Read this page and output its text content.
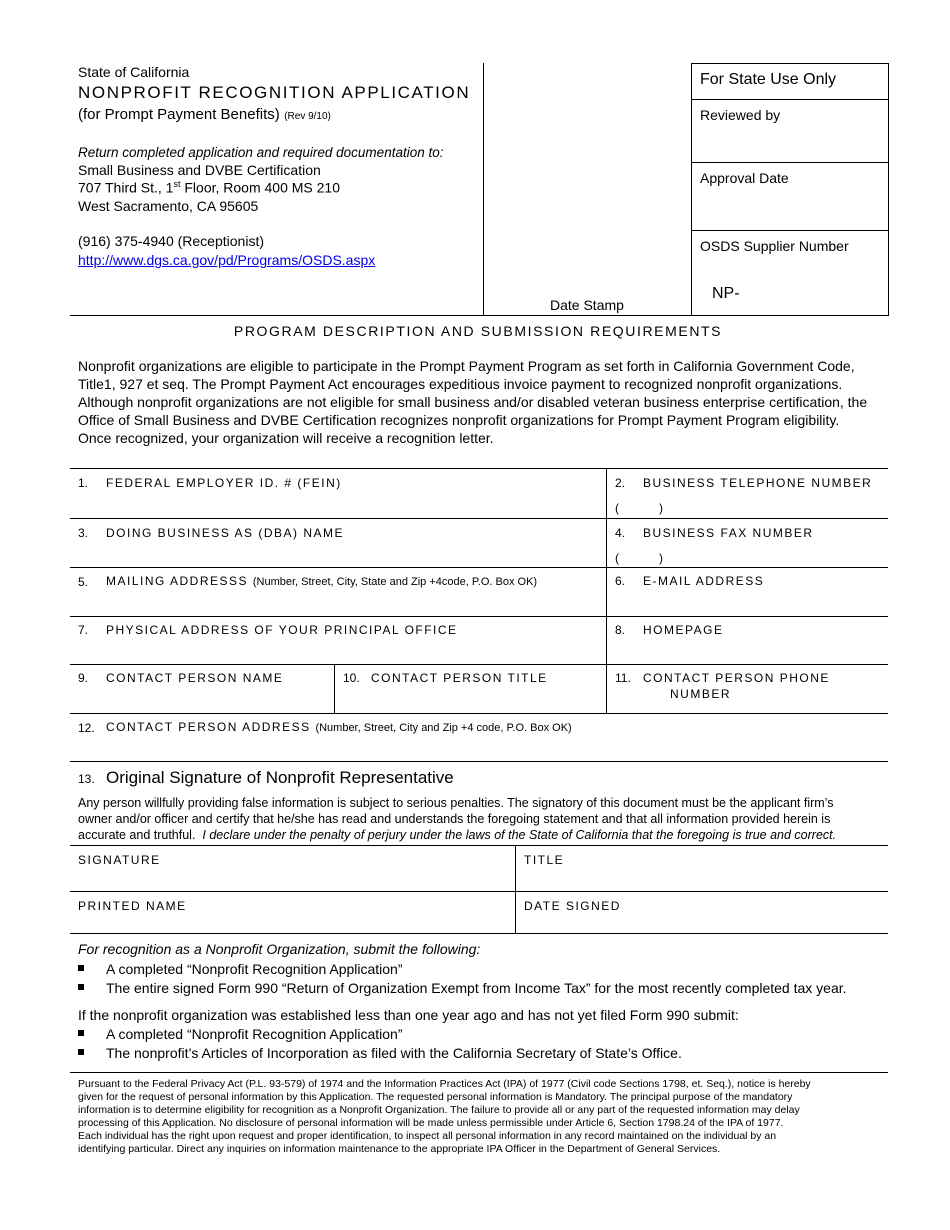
State of California
NONPROFIT RECOGNITION APPLICATION
(for Prompt Payment Benefits) (Rev 9/10)
Return completed application and required documentation to:
Small Business and DVBE Certification
707 Third St., 1st Floor, Room 400 MS 210
West Sacramento, CA 95605
(916) 375-4940 (Receptionist)
http://www.dgs.ca.gov/pd/Programs/OSDS.aspx
Date Stamp
For State Use Only
Reviewed by
Approval Date
OSDS Supplier Number
NP-
PROGRAM DESCRIPTION AND SUBMISSION REQUIREMENTS
Nonprofit organizations are eligible to participate in the Prompt Payment Program as set forth in California Government Code,
Title1, 927 et seq. The Prompt Payment Act encourages expeditious invoice payment to recognized nonprofit organizations.
Although nonprofit organizations are not eligible for small business and/or disabled veteran business enterprise certification, the
Office of Small Business and DVBE Certification recognizes nonprofit organizations for Prompt Payment Program eligibility.
Once recognized, your organization will receive a recognition letter.
1. FEDERAL EMPLOYER ID. # (FEIN)	2. BUSINESS TELEPHONE NUMBER
(            )
3. DOING BUSINESS AS (DBA) NAME	4. BUSINESS FAX NUMBER
(            )
5. MAILING ADDRESSS (Number, Street, City, State and Zip +4code, P.O. Box OK)	6. E-MAIL ADDRESS
7. PHYSICAL ADDRESS OF YOUR PRINCIPAL OFFICE	8. HOMEPAGE
9. CONTACT PERSON NAME	10. CONTACT PERSON TITLE	11. CONTACT PERSON PHONE
NUMBER
12. CONTACT PERSON ADDRESS (Number, Street, City and Zip +4 code, P.O. Box OK)
13. Original Signature of Nonprofit Representative
Any person willfully providing false information is subject to serious penalties. The signatory of this document must be the applicant firm’s
owner and/or officer and certify that he/she has read and understands the foregoing statement and that all information provided herein is
accurate and truthful.  I declare under the penalty of perjury under the laws of the State of California that the foregoing is true and correct.
SIGNATURE	TITLE
PRINTED NAME	DATE SIGNED
For recognition as a Nonprofit Organization, submit the following:
A completed “Nonprofit Recognition Application”
The entire signed Form 990 “Return of Organization Exempt from Income Tax” for the most recently completed tax year.
If the nonprofit organization was established less than one year ago and has not yet filed Form 990 submit:
A completed “Nonprofit Recognition Application”
The nonprofit’s Articles of Incorporation as filed with the California Secretary of State’s Office.
Pursuant to the Federal Privacy Act (P.L. 93-579) of 1974 and the Information Practices Act (IPA) of 1977 (Civil code Sections 1798, et. Seq.), notice is hereby
given for the request of personal information by this Application. The requested personal information is Mandatory. The principal purpose of the mandatory
information is to determine eligibility for recognition as a Nonprofit Organization. The failure to provide all or any part of the requested information may delay
processing of this Application. No disclosure of personal information will be made unless permissible under Article 6, Section 1798.24 of the IPA of 1977.
Each individual has the right upon request and proper identification, to inspect all personal information in any record maintained on the individual by an
identifying particular. Direct any inquiries on information maintenance to the appropriate IPA Officer in the Department of General Services.
